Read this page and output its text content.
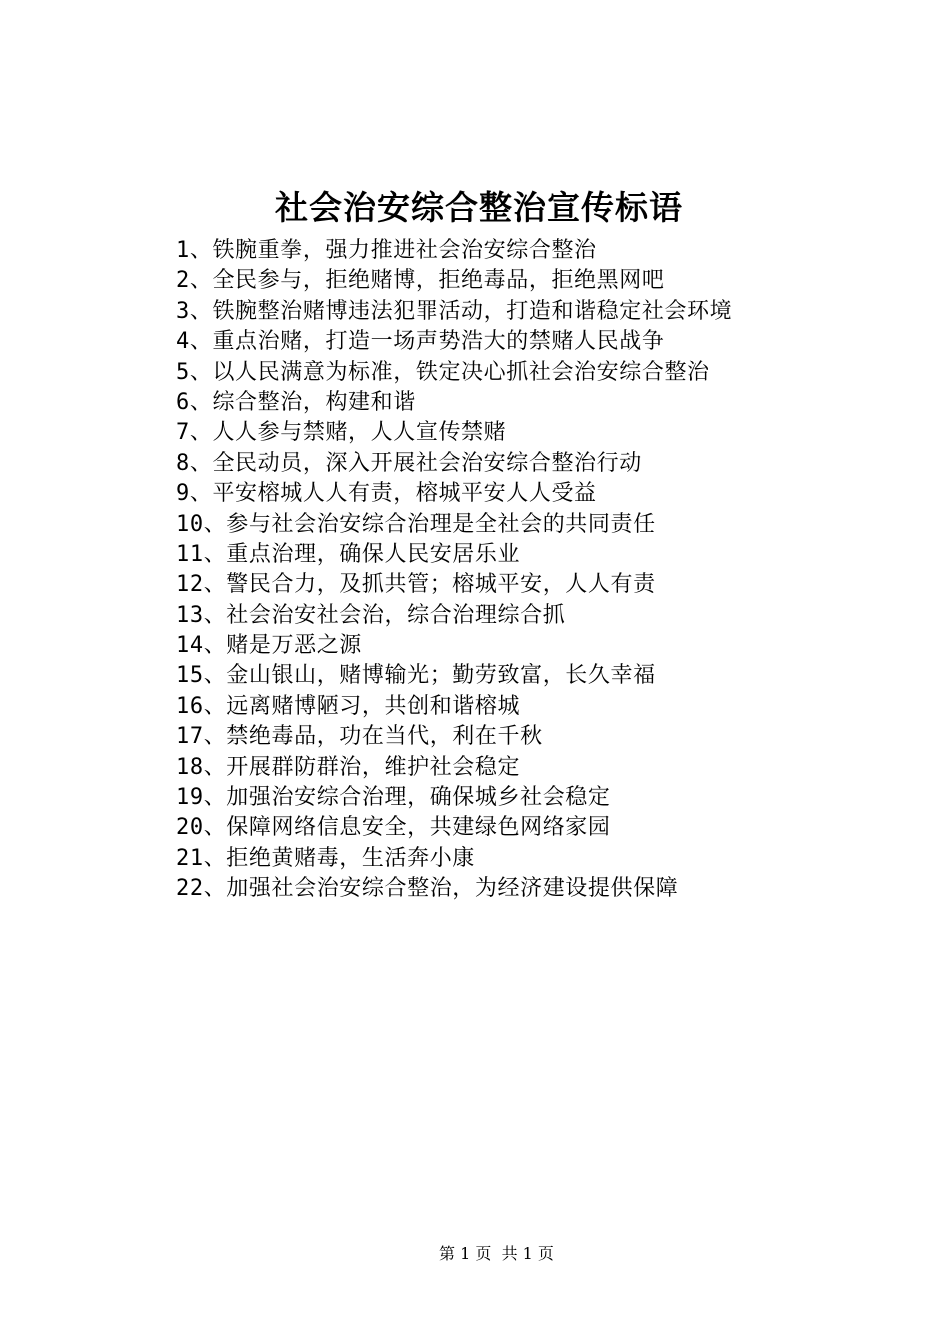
社会治安综合整治宣传标语
1、铁腕重拳，强力推进社会治安综合整治
2、全民参与，拒绝赌博，拒绝毒品，拒绝黑网吧
3、铁腕整治赌博违法犯罪活动，打造和谐稳定社会环境
4、重点治赌，打造一场声势浩大的禁赌人民战争
5、以人民满意为标准，铁定决心抓社会治安综合整治
6、综合整治，构建和谐
7、人人参与禁赌，人人宣传禁赌
8、全民动员，深入开展社会治安综合整治行动
9、平安榕城人人有责，榕城平安人人受益
10、参与社会治安综合治理是全社会的共同责任
11、重点治理，确保人民安居乐业
12、警民合力，及抓共管；榕城平安，人人有责
13、社会治安社会治，综合治理综合抓
14、赌是万恶之源
15、金山银山，赌博输光；勤劳致富，长久幸福
16、远离赌博陋习，共创和谐榕城
17、禁绝毒品，功在当代，利在千秋
18、开展群防群治，维护社会稳定
19、加强治安综合治理，确保城乡社会稳定
20、保障网络信息安全，共建绿色网络家园
21、拒绝黄赌毒，生活奔小康
22、加强社会治安综合整治，为经济建设提供保障
第 1 页  共 1 页
